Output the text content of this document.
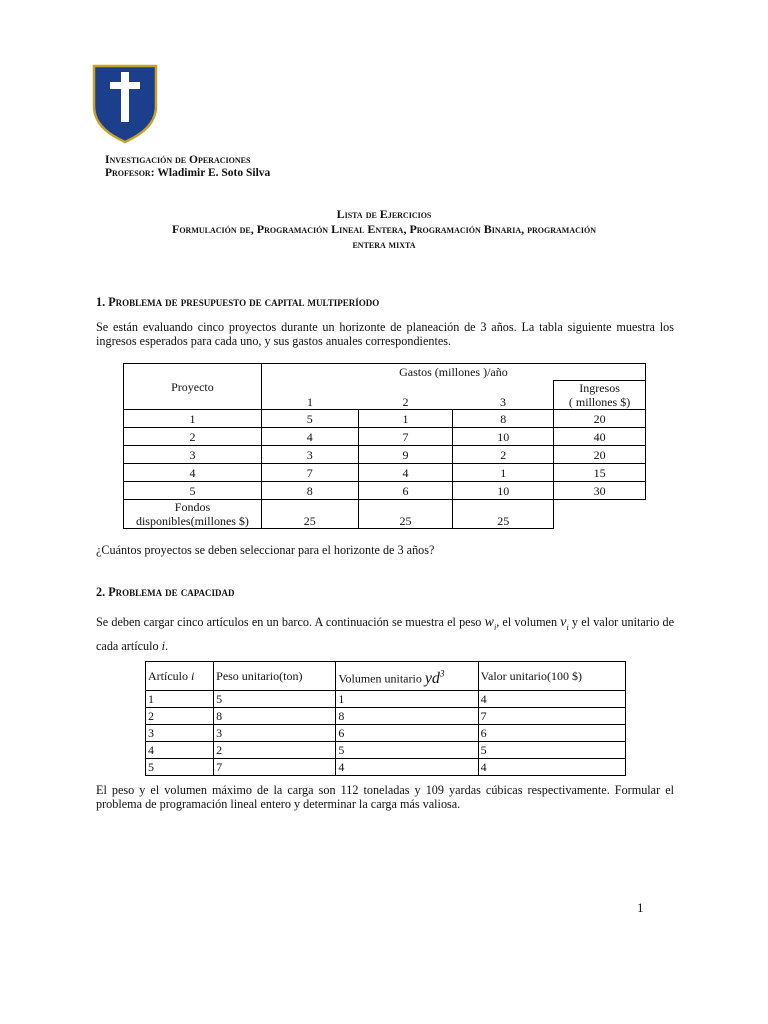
Investigación de Operaciones
Profesor: Wladimir E. Soto Silva
Lista de Ejercicios
Formulación de, Programación Lineal Entera, Programación Binaria, programación
entera mixta
1. Problema de presupuesto de capital multiperíodo
Se están evaluando cinco proyectos durante un horizonte de planeación de 3 años. La tabla siguiente muestra los ingresos esperados para cada uno, y sus gastos anuales correspondientes.
Proyecto	Gastos (millones )/año			
	1	2	3	Ingresos
( millones $)

1	5	1	8	20
2	4	7	10	40
3	3	9	2	20
4	7	4	1	15
5	8	6	10	30

Fondos
disponibles(millones $)	25	25	25	
¿Cuántos proyectos se deben seleccionar para el horizonte de 3 años?
2. Problema de capacidad
Se deben cargar cinco artículos en un barco. A continuación se muestra el peso $w_i$, el volumen $v_i$ y el valor unitario de cada artículo i.
Artículo i	Peso unitario(ton)	Volumen unitario $yd^3$	Valor unitario(100 $)
1	5	1	4
2	8	8	7
3	3	6	6
4	2	5	5
5	7	4	4
El peso y el volumen máximo de la carga son 112 toneladas y 109 yardas cúbicas respectivamente. Formular el problema de programación lineal entero y determinar la carga más valiosa.
1
